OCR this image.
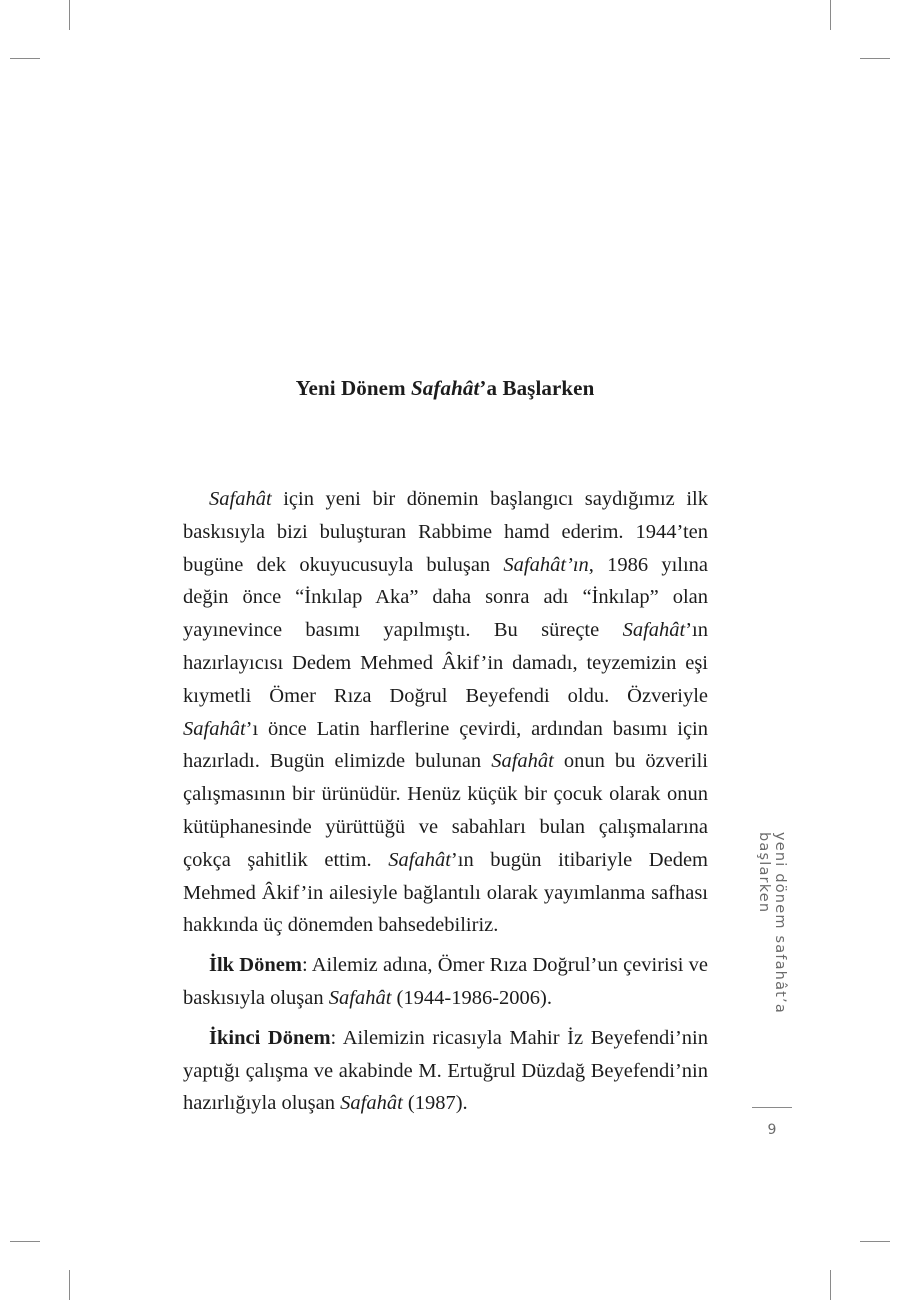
Yeni Dönem Safahât’a Başlarken

Safahât için yeni bir dönemin başlangıcı saydığımız ilk baskısıyla bizi buluşturan Rabbime hamd ederim. 1944’ten bugüne dek okuyucusuyla buluşan Safahât’ın, 1986 yılına değin önce “İnkılap Aka” daha sonra adı “İnkılap” olan yayınevince basımı yapılmıştı. Bu süreçte Safahât’ın hazırlayıcısı Dedem Mehmed Âkif’in damadı, teyzemizin eşi kıymetli Ömer Rıza Doğrul Beyefendi oldu. Özveriyle Safahât’ı önce Latin harflerine çevirdi, ardından basımı için hazırladı. Bugün elimizde bulunan Safahât onun bu özverili çalışmasının bir ürünüdür. Henüz küçük bir çocuk olarak onun kütüphanesinde yürüttüğü ve sabahları bulan çalışmalarına çokça şahitlik ettim. Safahât’ın bugün itibariyle Dedem Mehmed Âkif’in ailesiyle bağlantılı olarak yayımlanma safhası hakkında üç dönemden bahsedebiliriz.

İlk Dönem: Ailemiz adına, Ömer Rıza Doğrul’un çevirisi ve baskısıyla oluşan Safahât (1944-1986-2006).

İkinci Dönem: Ailemizin ricasıyla Mahir İz Beyefendi’nin yaptığı çalışma ve akabinde M. Ertuğrul Düzdağ Beyefendi’nin hazırlığıyla oluşan Safahât (1987).

yeni dönem safahât’a başlarken
9
